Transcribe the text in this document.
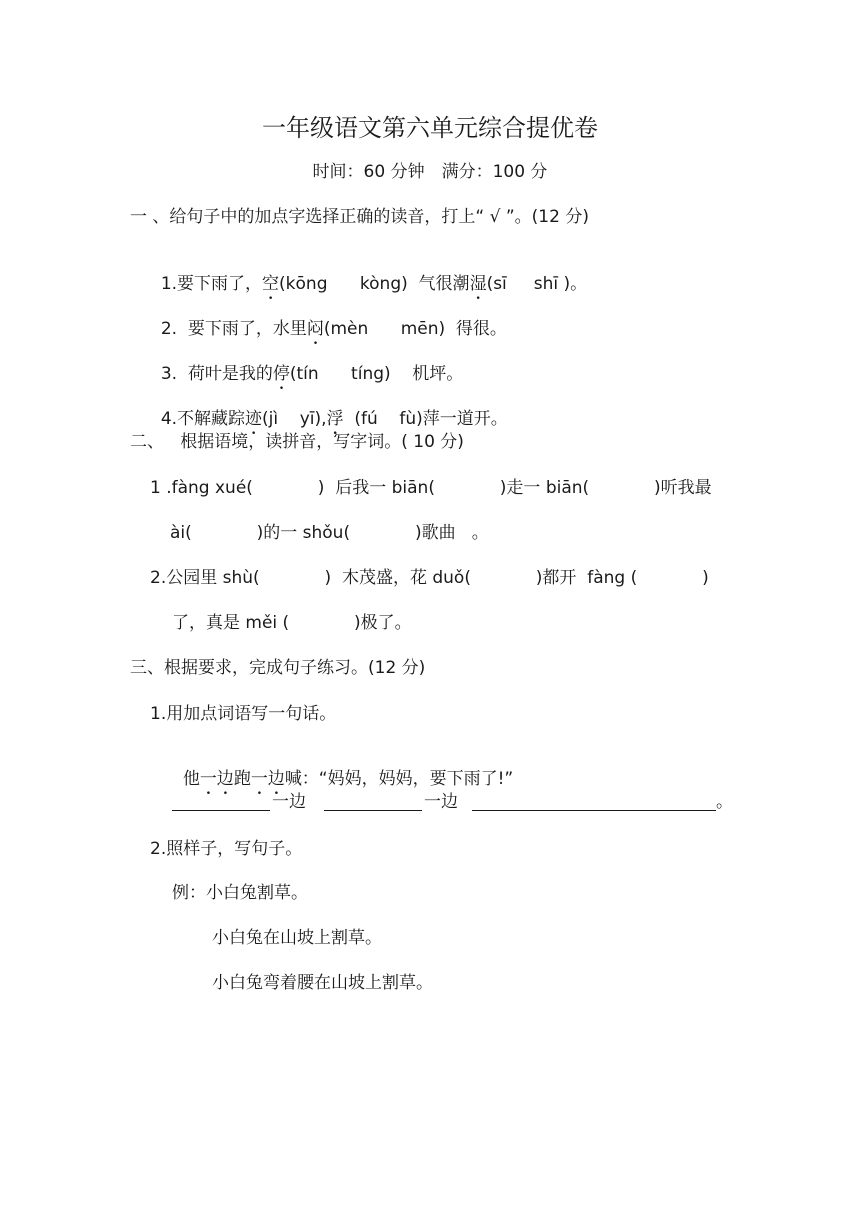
一年级语文第六单元综合提优卷
时间：60 分钟　满分：100 分
一 、给句子中的加点字选择正确的读音，打上“ √ ”。(12 分)

1.要下雨了，空(kōng      kòng)  气很潮湿(sī     shī )。

2.  要下雨了，水里闷(mèn      mēn)  得很。

3.  荷叶是我的停(tín      tíng)    机坪。

4.不解藏踪迹(jì    yī),浮  (fú    fù)萍一道开。

二、   根据语境，读拼音，写字词。( 10 分)
1 .fàng xué(            )  后我一 biān(            )走一 biān(            )听我最
ài(            )的一 shǒu(            )歌曲   。
2.公园里 shù(            )  木茂盛，花 duǒ(            )都开  fàng (            )
了，真是 měi (            )极了。
三、根据要求，完成句子练习。(12 分)
1.用加点词语写一句话。

他一边跑一边喊：“妈妈，妈妈，要下雨了!”

一边	一边	。
2.照样子，写句子。
例：小白兔割草。
小白兔在山坡上割草。
小白兔弯着腰在山坡上割草。
